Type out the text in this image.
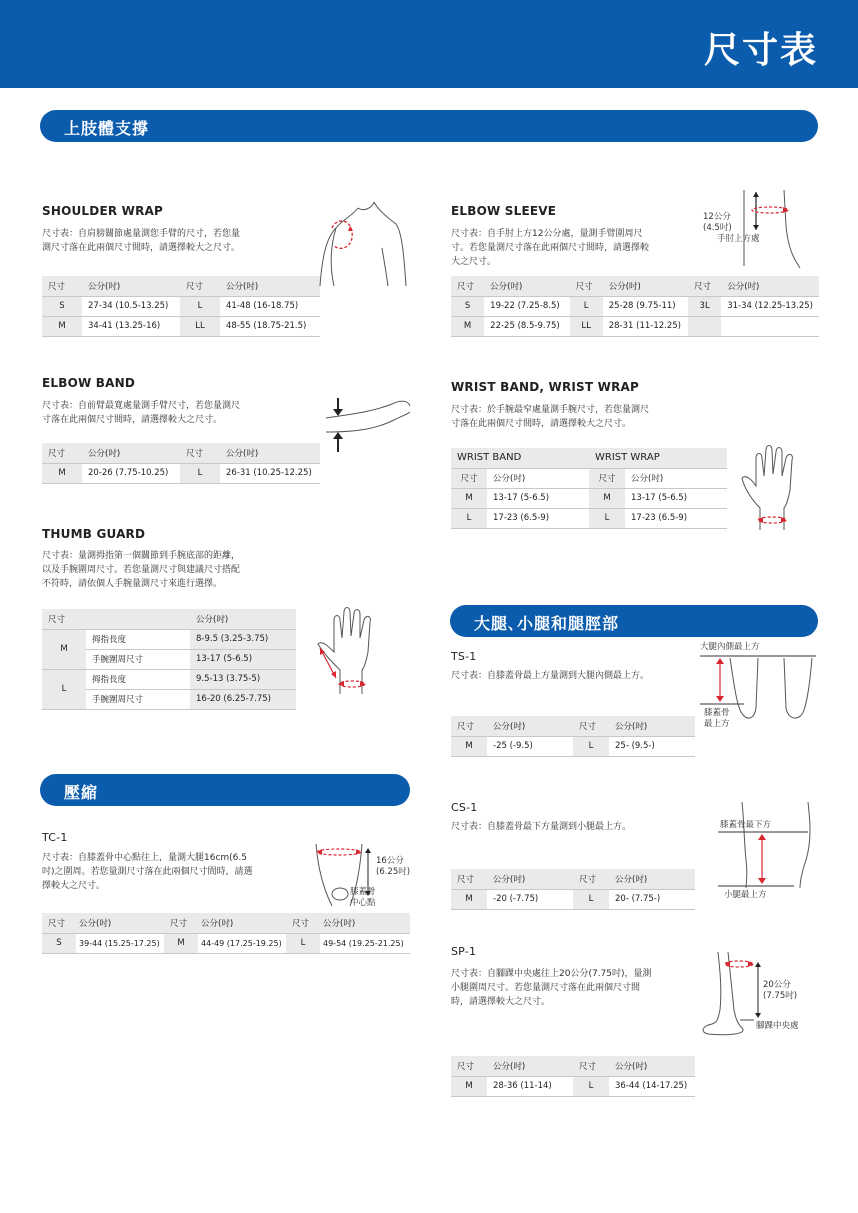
尺寸表
上肢體支撐
壓縮
大腿､小腿和腿脛部
SHOULDER WRAP
尺寸表：自肩膀關節處量測您手臂的尺寸，若您量
測尺寸落在此兩個尺寸間時，請選擇較大之尺寸。
尺寸	公分(吋)	尺寸	公分(吋)
S	27-34 (10.5-13.25)	L	41-48 (16-18.75)
M	34-41 (13.25-16)	LL	48-55 (18.75-21.5)
ELBOW SLEEVE
尺寸表：自手肘上方12公分處，量測手臂圍周尺
寸。若您量測尺寸落在此兩個尺寸間時，請選擇較
大之尺寸。
尺寸	公分(吋)	尺寸	公分(吋)	尺寸	公分(吋)
S	19-22 (7.25-8.5)	L	25-28 (9.75-11)	3L	31-34 (12.25-13.25)
M	22-25 (8.5-9.75)	LL	28-31 (11-12.25)		
12公分
(4.5吋)
手肘上方處
ELBOW BAND
尺寸表：自前臂最寬處量測手臂尺寸，若您量測尺
寸落在此兩個尺寸間時，請選擇較大之尺寸。
尺寸	公分(吋)	尺寸	公分(吋)
M	20-26 (7.75-10.25)	L	26-31 (10.25-12.25)
WRIST BAND, WRIST WRAP
尺寸表：於手腕最窄處量測手腕尺寸，若您量測尺
寸落在此兩個尺寸間時，請選擇較大之尺寸。
WRIST BAND		WRIST WRAP	
尺寸	公分(吋)	尺寸	公分(吋)
M	13-17 (5-6.5)	M	13-17 (5-6.5)
L	17-23 (6.5-9)	L	17-23 (6.5-9)
THUMB GUARD
尺寸表：量測拇指第一個關節到手腕底部的距離，
以及手腕圍周尺寸。若您量測尺寸與建議尺寸搭配
不符時，請依個人手腕量測尺寸來進行選擇。
尺寸		公分(吋)
M	拇指長度	8-9.5 (3.25-3.75)
	手腕圍周尺寸	13-17 (5-6.5)
L	拇指長度	9.5-13 (3.75-5)
	手腕圍周尺寸	16-20 (6.25-7.75)
TS-1
尺寸表：自膝蓋骨最上方量測到大腿內側最上方。
尺寸	公分(吋)	尺寸	公分(吋)
M	-25 (-9.5)	L	25- (9.5-)
大腿內側最上方
膝蓋骨
最上方
TC-1
尺寸表：自膝蓋骨中心點往上，量測大腿16cm(6.5
吋)之圍周。若您量測尺寸落在此兩個尺寸間時，請選
擇較大之尺寸。
尺寸	公分(吋)	尺寸	公分(吋)	尺寸	公分(吋)
S	39-44 (15.25-17.25)	M	44-49 (17.25-19.25)	L	49-54 (19.25-21.25)
16公分
(6.25吋)
膝蓋骨
中心點
CS-1
尺寸表：自膝蓋骨最下方量測到小腿最上方。
尺寸	公分(吋)	尺寸	公分(吋)
M	-20 (-7.75)	L	20- (7.75-)
膝蓋骨最下方
小腿最上方
SP-1
尺寸表：自腳踝中央處往上20公分(7.75吋)，量測
小腿圍周尺寸。若您量測尺寸落在此兩個尺寸間
時，請選擇較大之尺寸。
尺寸	公分(吋)	尺寸	公分(吋)
M	28-36 (11-14)	L	36-44 (14-17.25)
20公分
(7.75吋)
腳踝中央處
